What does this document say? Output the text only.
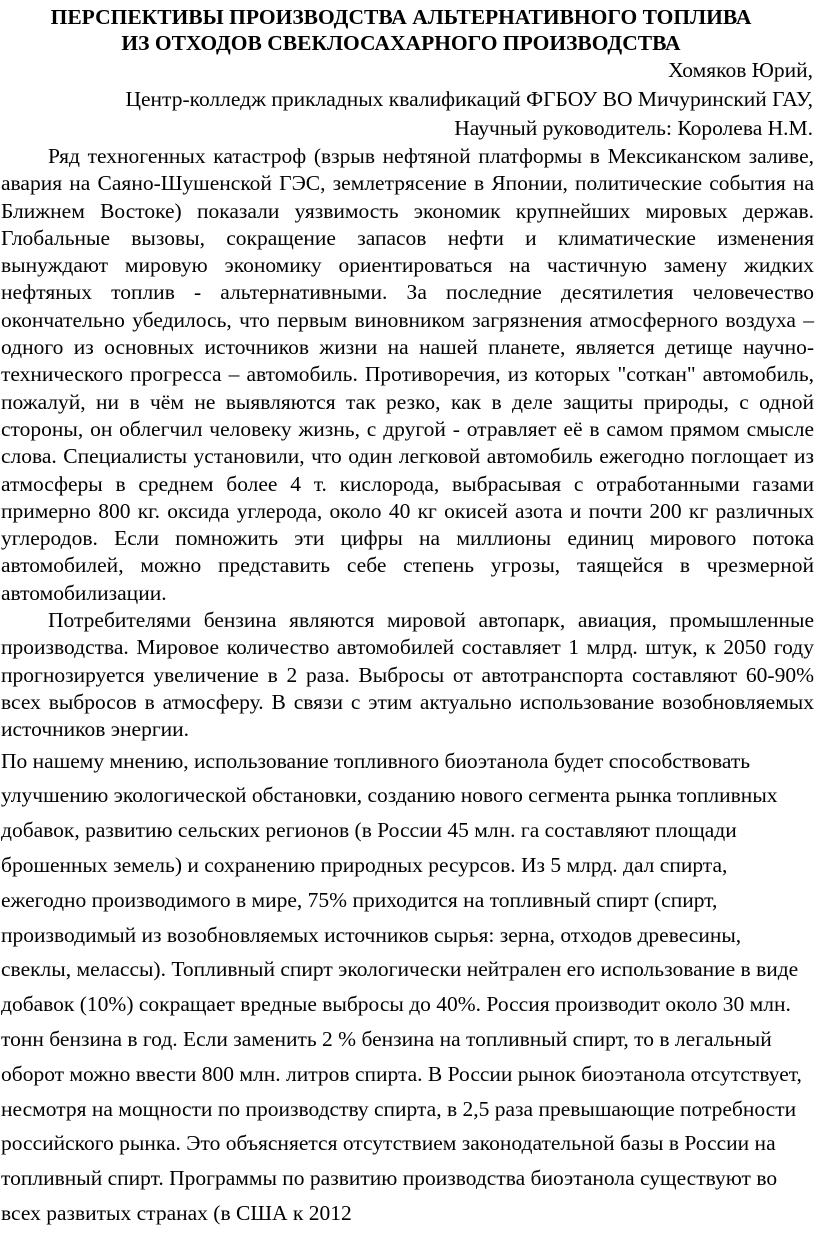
ПЕРСПЕКТИВЫ ПРОИЗВОДСТВА АЛЬТЕРНАТИВНОГО ТОПЛИВА
ИЗ ОТХОДОВ СВЕКЛОСАХАРНОГО ПРОИЗВОДСТВА
Хомяков Юрий,
Центр-колледж прикладных квалификаций ФГБОУ ВО Мичуринский ГАУ,
Научный руководитель: Королева Н.М.

Ряд техногенных катастроф (взрыв нефтяной платформы в Мексиканском заливе, авария на Саяно-Шушенской ГЭС, землетрясение в Японии, политические события на Ближнем Востоке) показали уязвимость экономик крупнейших мировых держав. Глобальные вызовы, сокращение запасов нефти и климатические изменения вынуждают мировую экономику ориентироваться на частичную замену жидких нефтяных топлив - альтернативными. За последние десятилетия человечество окончательно убедилось, что первым виновником загрязнения атмосферного воздуха – одного из основных источников жизни на нашей планете, является детище научно-технического прогресса – автомобиль. Противоречия, из которых "соткан" автомобиль, пожалуй, ни в чём не выявляются так резко, как в деле защиты природы, с одной стороны, он облегчил человеку жизнь, с другой - отравляет её в самом прямом смысле слова. Специалисты установили, что один легковой автомобиль ежегодно поглощает из атмосферы в среднем более 4 т. кислорода, выбрасывая с отработанными газами примерно 800 кг. оксида углерода, около 40 кг окисей азота и почти 200 кг различных углеродов. Если помножить эти цифры на миллионы единиц мирового потока автомобилей, можно представить себе степень угрозы, таящейся в чрезмерной автомобилизации.

Потребителями бензина являются мировой автопарк, авиация, промышленные производства. Мировое количество автомобилей составляет 1 млрд. штук, к 2050 году прогнозируется увеличение в 2 раза. Выбросы от автотранспорта составляют 60-90% всех выбросов в атмосферу. В связи с этим актуально использование возобновляемых источников энергии.

По нашему мнению, использование топливного биоэтанола будет способствовать улучшению экологической обстановки, созданию нового сегмента рынка топливных добавок, развитию сельских регионов (в России 45 млн. га составляют площади брошенных земель) и сохранению природных ресурсов. Из 5 млрд. дал спирта, ежегодно производимого в мире, 75% приходится на топливный спирт (спирт, производимый из возобновляемых источников сырья: зерна, отходов древесины, свеклы, мелассы). Топливный спирт экологически нейтрален его использование в виде добавок (10%) сокращает вредные выбросы до 40%. Россия производит около 30 млн. тонн бензина в год. Если заменить 2 % бензина на топливный спирт, то в легальный оборот можно ввести 800 млн. литров спирта. В России рынок биоэтанола отсутствует, несмотря на мощности по производству спирта, в 2,5 раза превышающие потребности российского рынка. Это объясняется отсутствием законодательной базы в России на топливный спирт. Программы по развитию производства биоэтанола существуют во всех развитых странах (в США к 2012
